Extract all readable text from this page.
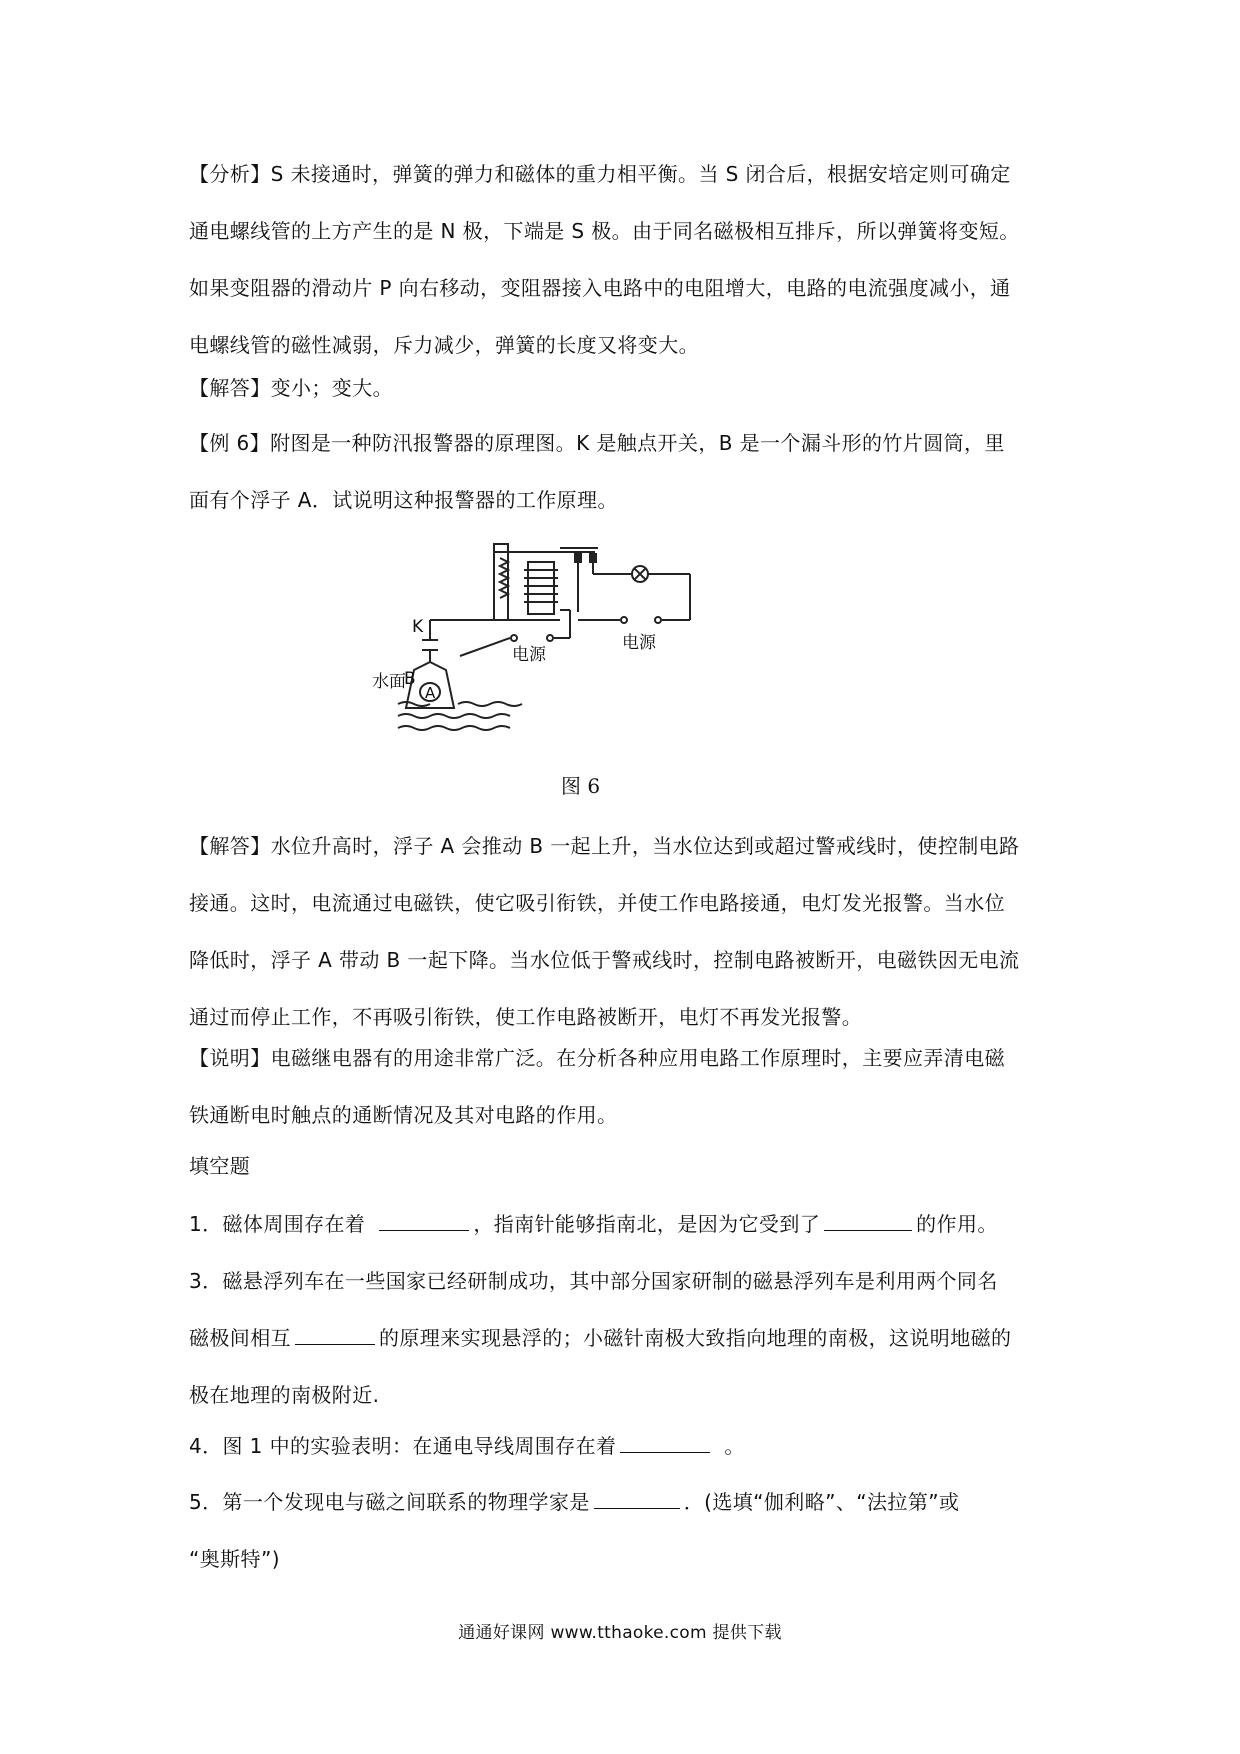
【分析】S 未接通时，弹簧的弹力和磁体的重力相平衡。当 S 闭合后，根据安培定则可确定
通电螺线管的上方产生的是 N 极，下端是 S 极。由于同名磁极相互排斥，所以弹簧将变短。
如果变阻器的滑动片 P 向右移动，变阻器接入电路中的电阻增大，电路的电流强度减小，通
电螺线管的磁性减弱，斥力减少，弹簧的长度又将变大。
【解答】变小；变大。
【例 6】附图是一种防汛报警器的原理图。K 是触点开关，B 是一个漏斗形的竹片圆筒，里
面有个浮子 A．试说明这种报警器的工作原理。
K
电源
电源
水面
B
A
图 6
【解答】水位升高时，浮子 A 会推动 B 一起上升，当水位达到或超过警戒线时，使控制电路
接通。这时，电流通过电磁铁，使它吸引衔铁，并使工作电路接通，电灯发光报警。当水位
降低时，浮子 A 带动 B 一起下降。当水位低于警戒线时，控制电路被断开，电磁铁因无电流
通过而停止工作，不再吸引衔铁，使工作电路被断开，电灯不再发光报警。
【说明】电磁继电器有的用途非常广泛。在分析各种应用电路工作原理时，主要应弄清电磁
铁通断电时触点的通断情况及其对电路的作用。
填空题
1．磁体周围存在着	，指南针能够指南北，是因为它受到了	的作用。
3．磁悬浮列车在一些国家已经研制成功，其中部分国家研制的磁悬浮列车是利用两个同名
磁极间相互	的原理来实现悬浮的；小磁针南极大致指向地理的南极，这说明地磁的
极在地理的南极附近.
4．图 1 中的实验表明：在通电导线周围存在着	。
5．第一个发现电与磁之间联系的物理学家是	．(选填“伽利略”、“法拉第”或
“奥斯特”)
通通好课网 www.tthaoke.com 提供下载
